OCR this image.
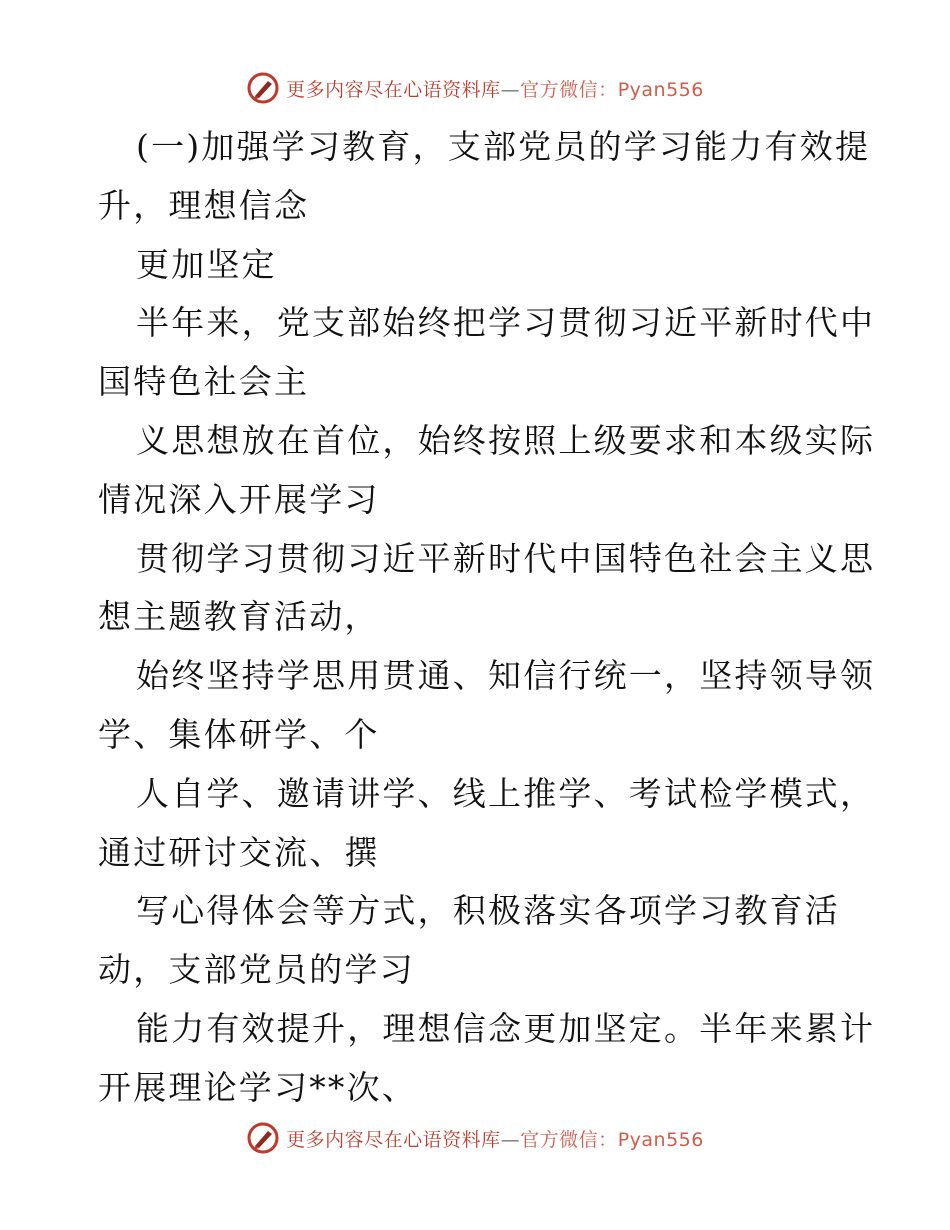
更多内容尽在心语资料库—官方微信：Pyan556
(一)加强学习教育，支部党员的学习能力有效提
升，理想信念
更加坚定
半年来，党支部始终把学习贯彻习近平新时代中
国特色社会主
义思想放在首位，始终按照上级要求和本级实际
情况深入开展学习
贯彻学习贯彻习近平新时代中国特色社会主义思
想主题教育活动，
始终坚持学思用贯通、知信行统一，坚持领导领
学、集体研学、个
人自学、邀请讲学、线上推学、考试检学模式，
通过研讨交流、撰
写心得体会等方式，积极落实各项学习教育活
动，支部党员的学习
能力有效提升，理想信念更加坚定。半年来累计
开展理论学习**次、
更多内容尽在心语资料库—官方微信：Pyan556
